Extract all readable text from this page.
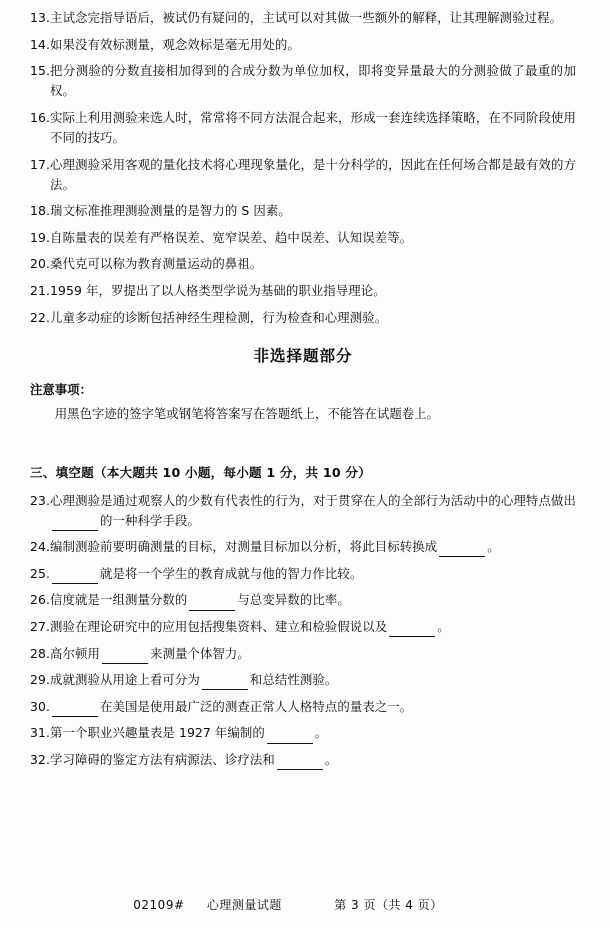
13. 主试念完指导语后，被试仍有疑问的，主试可以对其做一些额外的解释，让其理解测验过程。
14. 如果没有效标测量，观念效标是毫无用处的。
15. 把分测验的分数直接相加得到的合成分数为单位加权，即将变异量最大的分测验做了最重的加权。
16. 实际上利用测验来选人时，常常将不同方法混合起来，形成一套连续选择策略，在不同阶段使用不同的技巧。
17. 心理测验采用客观的量化技术将心理现象量化，是十分科学的，因此在任何场合都是最有效的方法。
18. 瑞文标准推理测验测量的是智力的 S 因素。
19. 自陈量表的误差有严格误差、宽窄误差、趋中误差、认知误差等。
20. 桑代克可以称为教育测量运动的鼻祖。
21. 1959 年，罗提出了以人格类型学说为基础的职业指导理论。
22. 儿童多动症的诊断包括神经生理检测，行为检查和心理测验。
非选择题部分
注意事项：
用黑色字迹的签字笔或钢笔将答案写在答题纸上，不能答在试题卷上。
三、填空题（本大题共 10 小题，每小题 1 分，共 10 分）
23. 心理测验是通过观察人的少数有代表性的行为，对于贯穿在人的全部行为活动中的心理特点做出的一种科学手段。
24. 编制测验前要明确测量的目标，对测量目标加以分析，将此目标转换成	。
25.	就是将一个学生的教育成就与他的智力作比较。
26. 信度就是一组测量分数的	与总变异数的比率。
27. 测验在理论研究中的应用包括搜集资料、建立和检验假说以及	。
28. 高尔顿用	来测量个体智力。
29. 成就测验从用途上看可分为	和总结性测验。
30.	在美国是使用最广泛的测查正常人人格特点的量表之一。
31. 第一个职业兴趣量表是 1927 年编制的	。
32. 学习障碍的鉴定方法有病源法、诊疗法和	。
02109# 心理测量试题	第 3 页（共 4 页）
